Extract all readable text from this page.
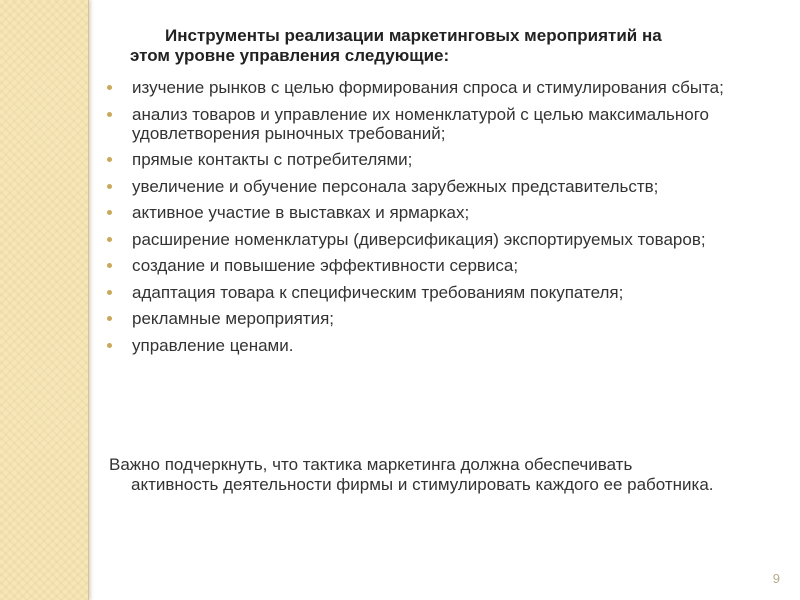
Инструменты реализации маркетинговых мероприятий на
этом уровне управления следующие:
изучение рынков с целью формирования спроса и стимулирования сбыта;
анализ товаров и управление их номенклатурой с целью максимального удовлетворения рыночных требований;
прямые контакты с потребителями;
увеличение и обучение персонала зарубежных представительств;
активное участие в выставках и ярмарках;
расширение номенклатуры (диверсификация) экспортируемых товаров;
создание и повышение эффективности сервиса;
адаптация товара к специфическим требованиям покупателя;
рекламные мероприятия;
управление ценами.

Важно подчеркнуть, что тактика маркетинга должна обеспечивать
активность деятельности фирмы и стимулировать каждого ее работника.

9
